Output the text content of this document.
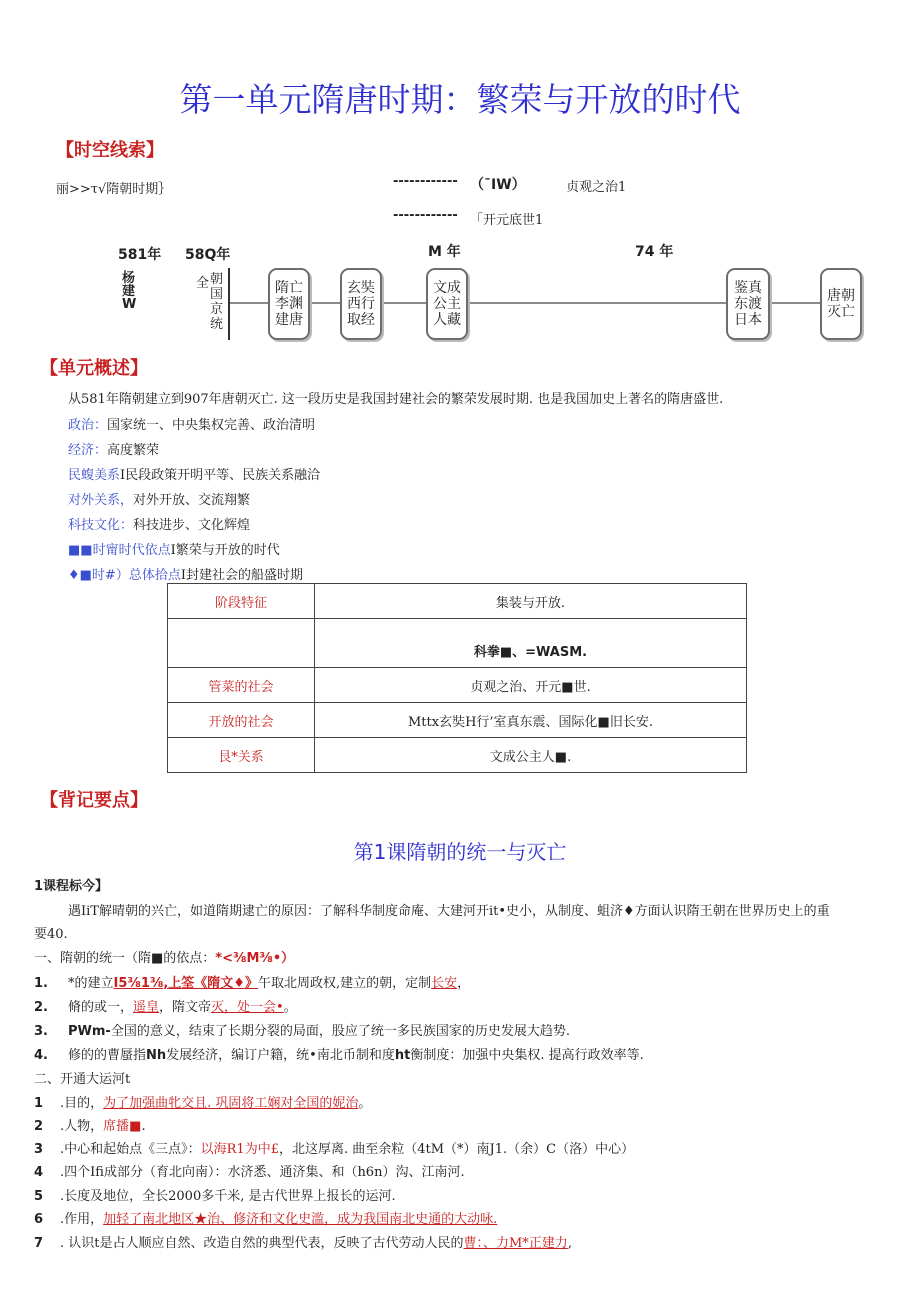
第一单元隋唐时期：繁荣与开放的时代
【时空线索】
丽>>τ√隋朝时期｝
------------ （ˉIW）	贞观之治1
------------ 「开元底世1
581年 58Q年	M 年	74 年
杨建W
全 朝国京统
隋亡李渊建唐
玄奘西行取经
文成公主人藏
鉴真东渡日本
唐朝灭亡
【单元概述】
从581年隋朝建立到907年唐朝灭亡. 这一段历史是我国封建社会的繁荣发展时期. 也是我国加史上著名的隋唐盛世.
政治：国家统一、中央集权完善、政治清明
经济：高度繁荣
民蝮美系I民段政策开明平等、民族关系融洽
对外关系，对外开放、交流翔繁
科技文化：科技进步、文化辉煌
■■时甯时代依点I繁荣与开放的时代
♦■时#）总体拾点I封建社会的船盛时期
阶段特征	集装与开放.
	科拳■、=WASM.
管菜的社会	贞观之治、开元■世.
开放的社会	Mttx玄奘H行’室真东震、国际化■旧长安.
艮*关系	文成公主人■.
【背记要点】
第1课隋朝的统一与灭亡
1课程标今】
遇IiT解晴朝的兴亡，如道隋期逮亡的原因：了解科华制度命庵、大建河开it•史小，从制度、蛆济♦方面认识隋王朝在世界历史上的重
要40.
一、隋朝的统一（隋■的依点：*<⅜M⅜•）
1. *的建立I5⅜1⅜,上筌《隋文♦》午取北周政权,建立的朝，定制长安，
2. 脩的或一，遥皇，隋文帝灭，处一会•。
3. PWm-全国的意义，结束了长期分裂的局面，股应了统一多民族国家的历史发展大趋势.
4. 修的的曹蜃指Nh发展经济，编订户籍，统•南北币制和度ht衡制度：加强中央集权. 提高行政效率等.
二、开通大运河t
1 .目的，为了加强曲牝交且. 巩固将工娴对全国的妮治。
2 .人物，席播■.
3 .中心和起始点《三点》：以海R1为中£，北这厚离. 曲至余粒（4tM（*）南J1.（余）C（洛）中心）
4 .四个Ifi成部分（育北向南）：水济悉、通济集、和（h6n）沟、江南河.
5 .长度及地位，全长2000多千米, 是古代世界上报长的运河.
6 .作用，加轻了南北地区★治、修济和文化史滥，成为我国南北史通的大动咏.
7 . 认识t是占人顺应自然、改造自然的典型代表，反映了古代劳动人民的曹：、力M*正建力,
